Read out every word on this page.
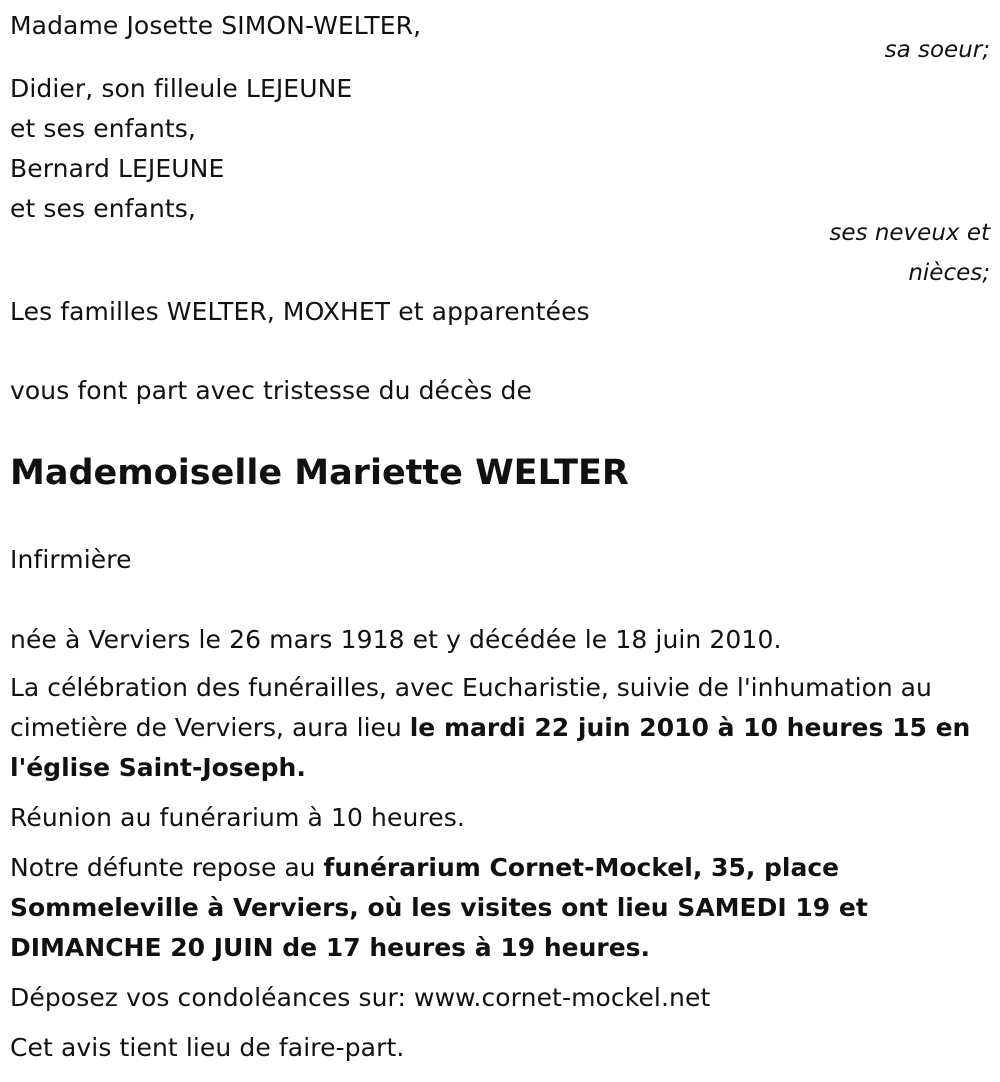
Madame Josette SIMON-WELTER,
sa soeur;
Didier, son filleule LEJEUNE
et ses enfants,
Bernard LEJEUNE
et ses enfants,
ses neveux et
nièces;
Les familles WELTER, MOXHET et apparentées
vous font part avec tristesse du décès de
Mademoiselle Mariette WELTER
Infirmière
née à Verviers le 26 mars 1918 et y décédée le 18 juin 2010.
La célébration des funérailles, avec Eucharistie, suivie de l'inhumation au cimetière de Verviers, aura lieu le mardi 22 juin 2010 à 10 heures 15 en l'église Saint-Joseph.
Réunion au funérarium à 10 heures.
Notre défunte repose au funérarium Cornet-Mockel, 35, place Sommeleville à Verviers, où les visites ont lieu SAMEDI 19 et DIMANCHE 20 JUIN de 17 heures à 19 heures.
Déposez vos condoléances sur: www.cornet-mockel.net
Cet avis tient lieu de faire-part.
